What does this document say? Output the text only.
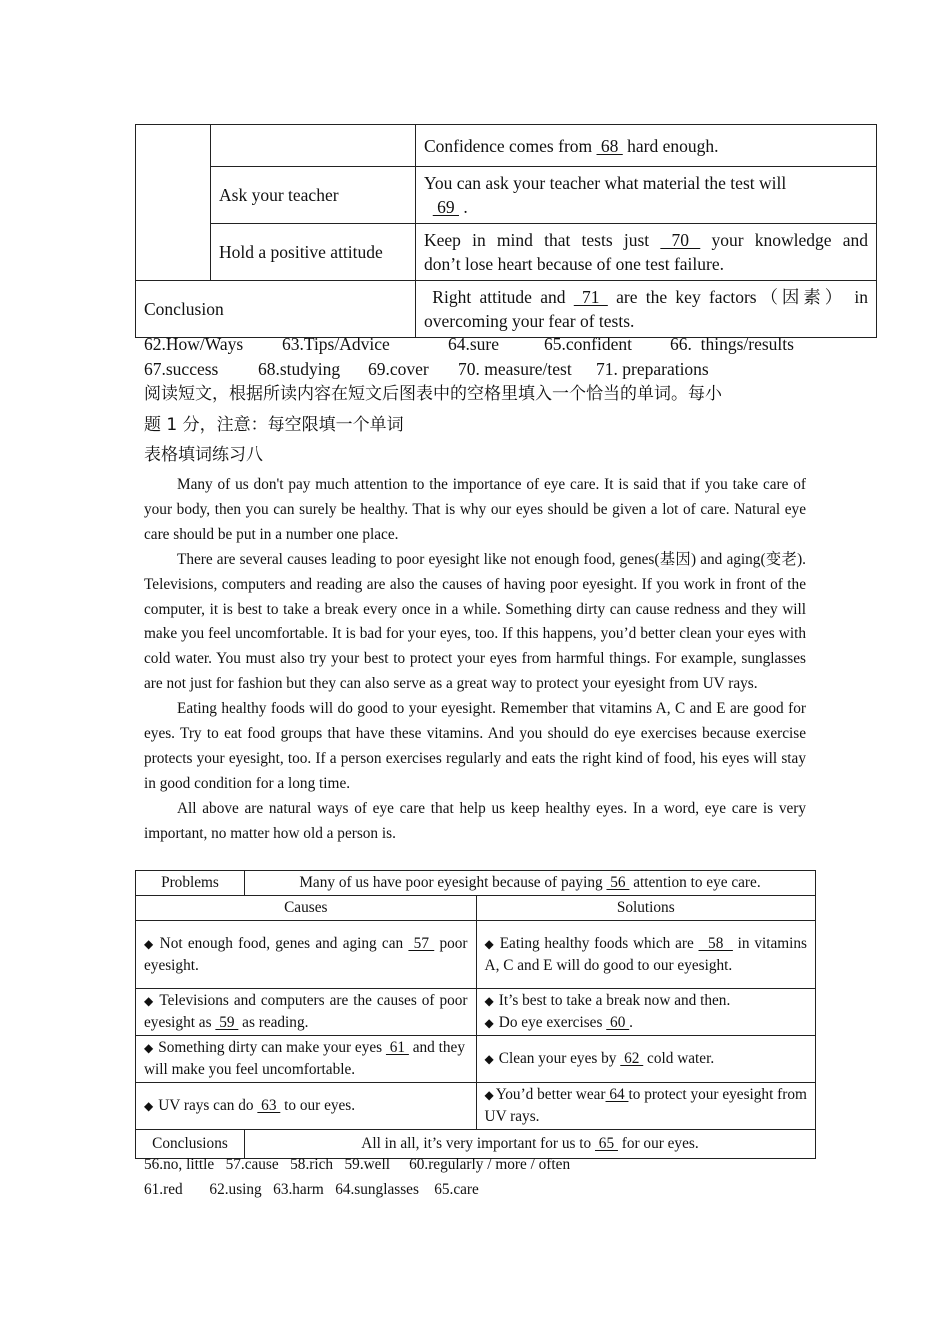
		Confidence comes from  68  hard enough.
	Ask your teacher	You can ask your teacher what material the test will
69  .
	Hold a positive attitude	Keep in mind that tests just  70  your knowledge and
don’t lose heart because of one test failure.

Conclusion		Right attitude and  71  are the key factors（因素） in
overcoming your fear of tests.
62.How/Ways 63.Tips/Advice	64.sure	65.confident 66.  things/results
67.success 68.studying 69.cover 70. measure/test 71. preparations
阅读短文，根据所读内容在短文后图表中的空格里填入一个恰当的单词。每小
题 1 分，注意：每空限填一个单词
表格填词练习八

Many of us don't pay much attention to the importance of eye care. It is said that if you take care of your body, then you can surely be healthy. That is why our eyes should be given a lot of care. Natural eye care should be put in a number one place.

There are several causes leading to poor eyesight like not enough food, genes(基因) and aging(变老). Televisions, computers and reading are also the causes of having poor eyesight. If you work in front of the computer, it is best to take a break every once in a while. Something dirty can cause redness and they will make you feel uncomfortable. It is bad for your eyes, too. If this happens, you’d better clean your eyes with cold water. You must also try your best to protect your eyes from harmful things. For example, sunglasses are not just for fashion but they can also serve as a great way to protect your eyesight from UV rays.

Eating healthy foods will do good to your eyesight. Remember that vitamins A, C and E are good for eyes. Try to eat food groups that have these vitamins. And you should do eye exercises because exercise protects your eyesight, too. If a person exercises regularly and eats the right kind of food, his eyes will stay in good condition for a long time.

All above are natural ways of eye care that help us keep healthy eyes. In a word, eye care is very important, no matter how old a person is.

Problems	Many of us have poor eyesight because of paying  56  attention to eye care.	
Causes		Solutions
◆ Not enough food, genes and aging can  57  poor eyesight.		◆ Eating healthy foods which are   58   in vitamins A, C and E will do good to our eyesight.
◆ Televisions and computers are the causes of poor eyesight as  59  as reading.		◆ It’s best to take a break now and then.
◆ Do eye exercises  60 .

◆ Something dirty can make your eyes  61  and they will make you feel uncomfortable.		◆ Clean your eyes by  62  cold water.
◆ UV rays can do  63  to our eyes.		◆ You’d better wear 64 to protect your eyesight from UV rays.
Conclusions	All in all, it’s very important for us to  65  for our eyes.	
56.no, little   57.cause   58.rich   59.well     60.regularly / more / often
61.red       62.using   63.harm   64.sunglasses    65.care
